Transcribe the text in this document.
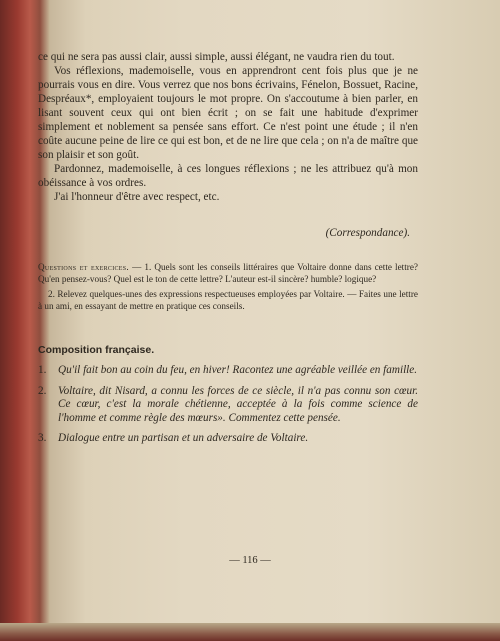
ce qui ne sera pas aussi clair, aussi simple, aussi élégant, ne vaudra rien du tout.

Vos réflexions, mademoiselle, vous en apprendront cent fois plus que je ne pourrais vous en dire. Vous verrez que nos bons écrivains, Fénelon, Bossuet, Racine, Despréaux*, employaient toujours le mot propre. On s'accoutume à bien parler, en lisant souvent ceux qui ont bien écrit ; on se fait une habitude d'exprimer simplement et noblement sa pensée sans effort. Ce n'est point une étude ; il n'en coûte aucune peine de lire ce qui est bon, et de ne lire que cela ; on n'a de maître que son plaisir et son goût.

Pardonnez, mademoiselle, à ces longues réflexions ; ne les attribuez qu'à mon obéissance à vos ordres.

J'ai l'honneur d'être avec respect, etc.

(Correspondance).

Questions et exercices. — 1. Quels sont les conseils littéraires que Voltaire donne dans cette lettre? Qu'en pensez-vous? Quel est le ton de cette lettre? L'auteur est-il sincère? humble? logique?

2. Relevez quelques-unes des expressions respectueuses employées par Voltaire. — Faites une lettre à un ami, en essayant de mettre en pratique ces conseils.

Composition française.
1.	Qu'il fait bon au coin du feu, en hiver! Racontez une agréable veillée en famille.
2.	Voltaire, dit Nisard, a connu les forces de ce siècle, il n'a pas connu son cœur. Ce cœur, c'est la morale chétienne, acceptée à la fois comme science de l'homme et comme règle des mœurs». Commentez cette pensée.
3.	Dialogue entre un partisan et un adversaire de Voltaire.
— 116 —
